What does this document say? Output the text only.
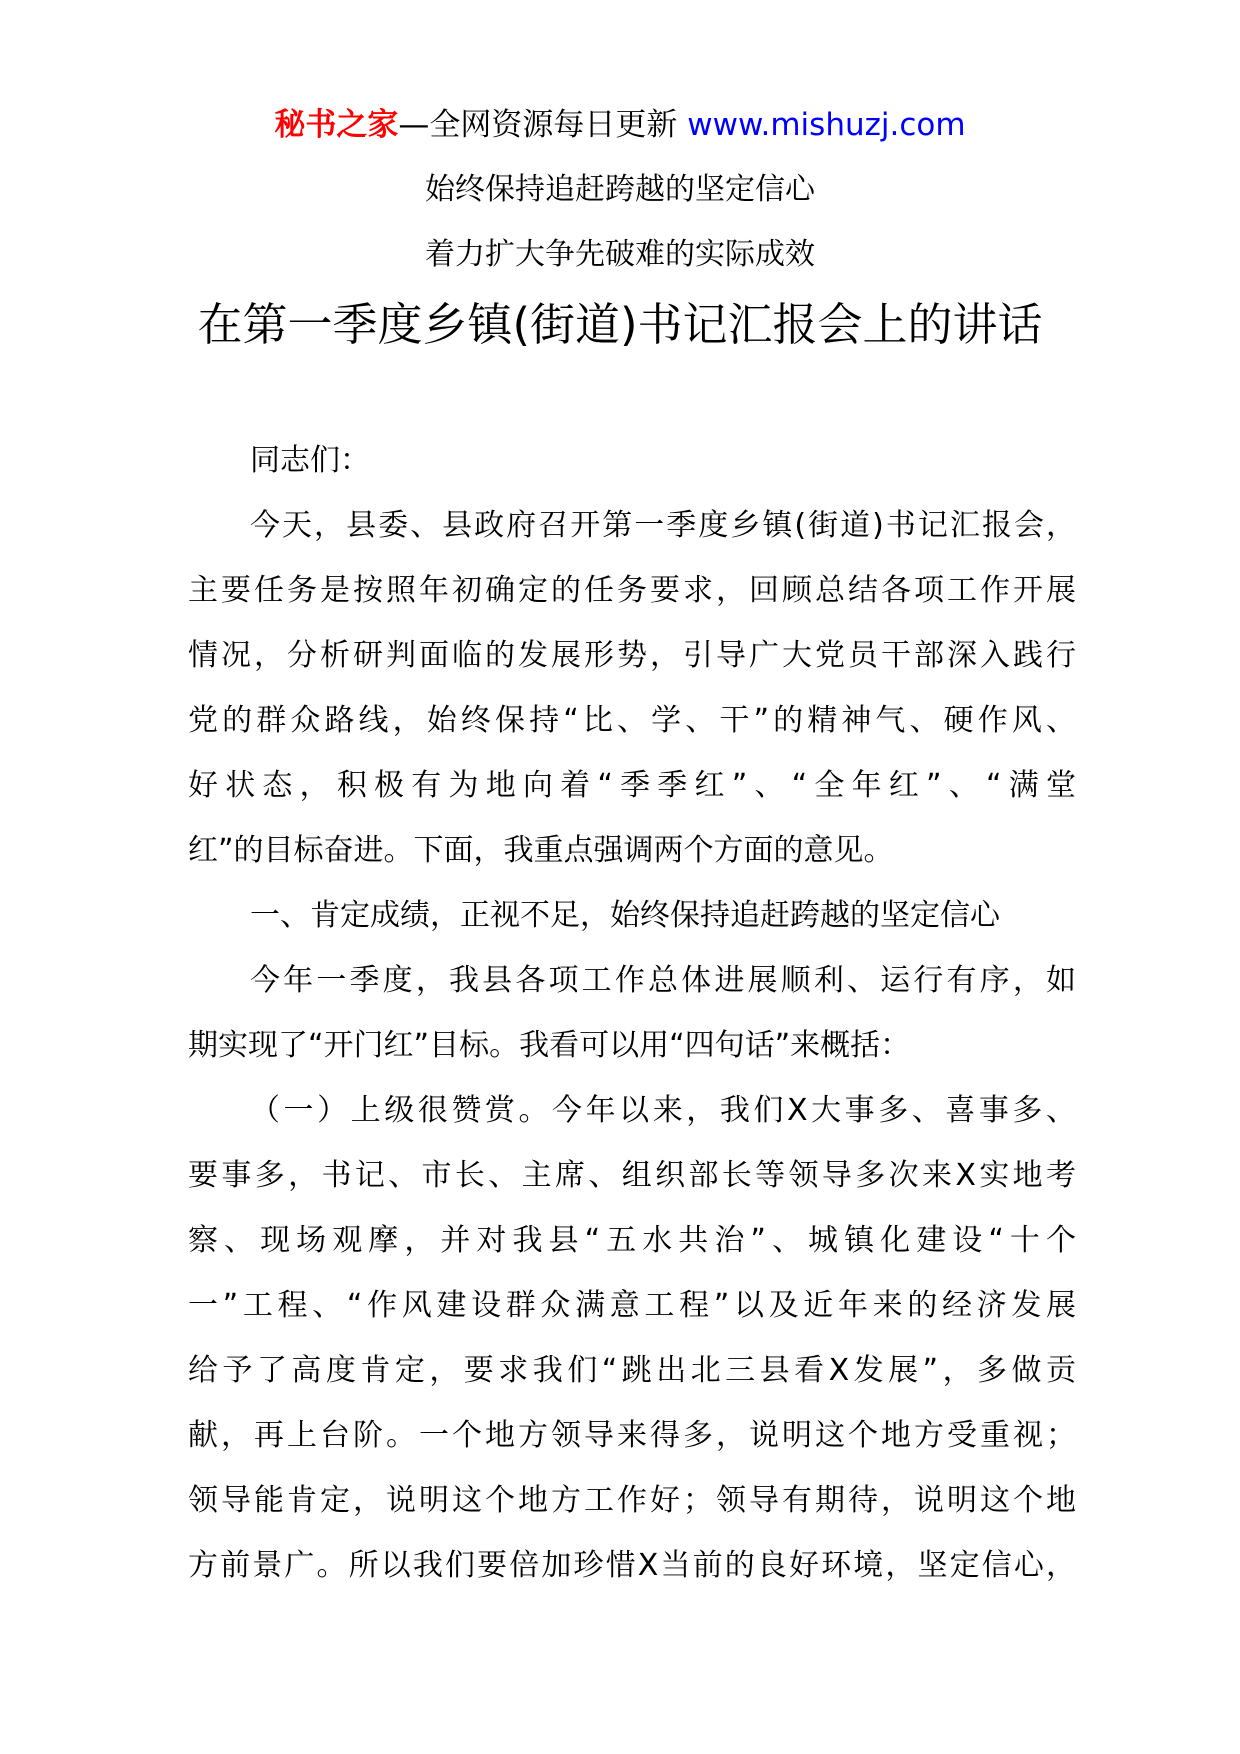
秘书之家—全网资源每日更新 www.mishuzj.com
始终保持追赶跨越的坚定信心
着力扩大争先破难的实际成效
在第一季度乡镇(街道)书记汇报会上的讲话
同志们：
今天，县委、县政府召开第一季度乡镇(街道)书记汇报会，
主要任务是按照年初确定的任务要求，回顾总结各项工作开展
情况，分析研判面临的发展形势，引导广大党员干部深入践行
党的群众路线，始终保持“比、学、干”的精神气、硬作风、
好状态，积极有为地向着“季季红”、“全年红”、“满堂
红”的目标奋进。下面，我重点强调两个方面的意见。
一、肯定成绩，正视不足，始终保持追赶跨越的坚定信心
今年一季度，我县各项工作总体进展顺利、运行有序，如
期实现了“开门红”目标。我看可以用“四句话”来概括：
（一）上级很赞赏。今年以来，我们X大事多、喜事多、
要事多，书记、市长、主席、组织部长等领导多次来X实地考
察、现场观摩，并对我县“五水共治”、城镇化建设“十个
一”工程、“作风建设群众满意工程”以及近年来的经济发展
给予了高度肯定，要求我们“跳出北三县看X发展”，多做贡
献，再上台阶。一个地方领导来得多，说明这个地方受重视；
领导能肯定，说明这个地方工作好；领导有期待，说明这个地
方前景广。所以我们要倍加珍惜X当前的良好环境，坚定信心，
